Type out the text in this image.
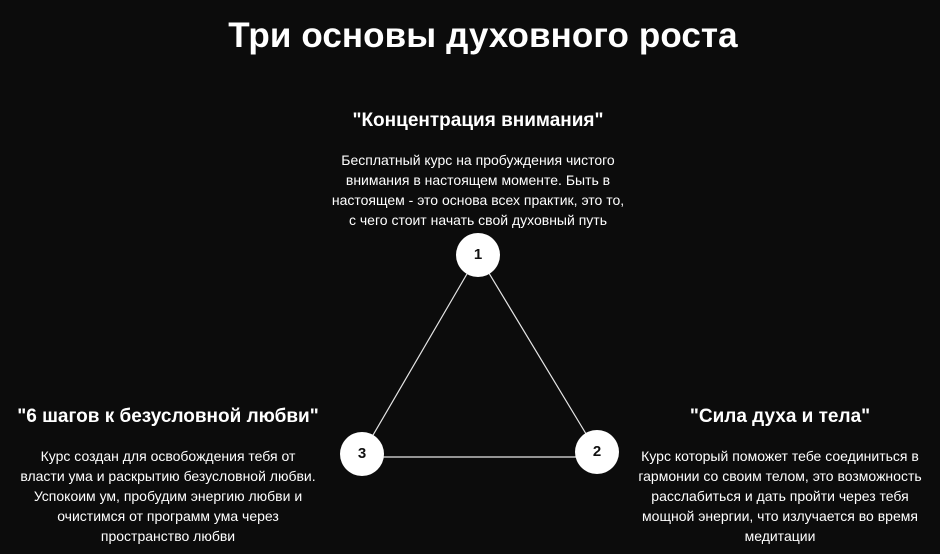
Три основы духовного роста
1
2
3
"Концентрация внимания"
Бесплатный курс на пробуждения чистого внимания в настоящем моменте. Быть в настоящем - это основа всех практик, это то, с чего стоит начать свой духовный путь
"Сила духа и тела"
Курс который поможет тебе соединиться в гармонии со своим телом, это возможность расслабиться и дать пройти через тебя мощной энергии, что излучается во время медитации
"6 шагов к безусловной любви"
Курс создан для освобождения тебя от власти ума и раскрытию безусловной любви. Успокоим ум, пробудим энергию любви и очистимся от программ ума через пространство любви
